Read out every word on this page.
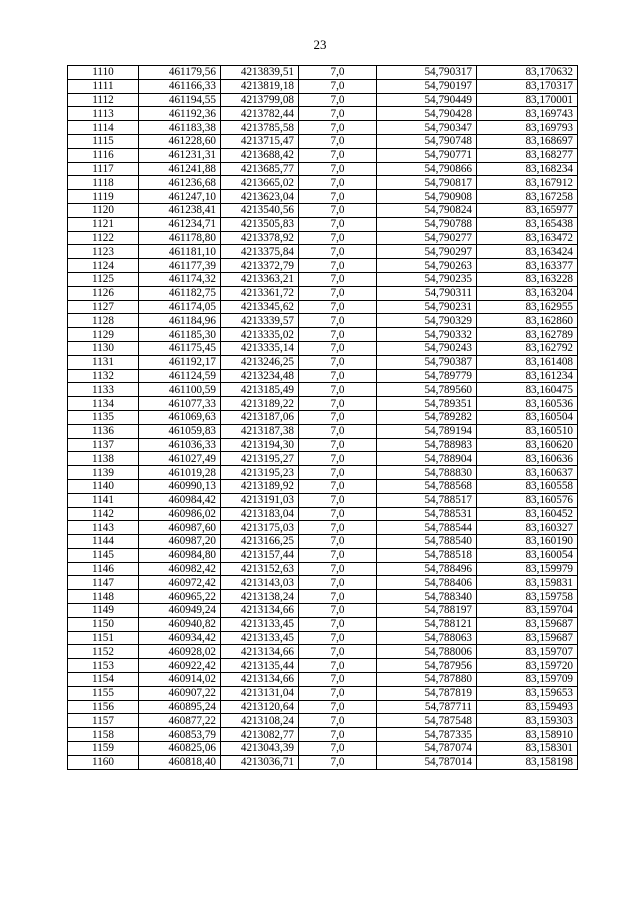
23
1110	461179,56	4213839,51	7,0	54,790317	83,170632
1111	461166,33	4213819,18	7,0	54,790197	83,170317
1112	461194,55	4213799,08	7,0	54,790449	83,170001
1113	461192,36	4213782,44	7,0	54,790428	83,169743
1114	461183,38	4213785,58	7,0	54,790347	83,169793
1115	461228,60	4213715,47	7,0	54,790748	83,168697
1116	461231,31	4213688,42	7,0	54,790771	83,168277
1117	461241,88	4213685,77	7,0	54,790866	83,168234
1118	461236,68	4213665,02	7,0	54,790817	83,167912
1119	461247,10	4213623,04	7,0	54,790908	83,167258
1120	461238,41	4213540,56	7,0	54,790824	83,165977
1121	461234,71	4213505,83	7,0	54,790788	83,165438
1122	461178,80	4213378,92	7,0	54,790277	83,163472
1123	461181,10	4213375,84	7,0	54,790297	83,163424
1124	461177,39	4213372,79	7,0	54,790263	83,163377
1125	461174,32	4213363,21	7,0	54,790235	83,163228
1126	461182,75	4213361,72	7,0	54,790311	83,163204
1127	461174,05	4213345,62	7,0	54,790231	83,162955
1128	461184,96	4213339,57	7,0	54,790329	83,162860
1129	461185,30	4213335,02	7,0	54,790332	83,162789
1130	461175,45	4213335,14	7,0	54,790243	83,162792
1131	461192,17	4213246,25	7,0	54,790387	83,161408
1132	461124,59	4213234,48	7,0	54,789779	83,161234
1133	461100,59	4213185,49	7,0	54,789560	83,160475
1134	461077,33	4213189,22	7,0	54,789351	83,160536
1135	461069,63	4213187,06	7,0	54,789282	83,160504
1136	461059,83	4213187,38	7,0	54,789194	83,160510
1137	461036,33	4213194,30	7,0	54,788983	83,160620
1138	461027,49	4213195,27	7,0	54,788904	83,160636
1139	461019,28	4213195,23	7,0	54,788830	83,160637
1140	460990,13	4213189,92	7,0	54,788568	83,160558
1141	460984,42	4213191,03	7,0	54,788517	83,160576
1142	460986,02	4213183,04	7,0	54,788531	83,160452
1143	460987,60	4213175,03	7,0	54,788544	83,160327
1144	460987,20	4213166,25	7,0	54,788540	83,160190
1145	460984,80	4213157,44	7,0	54,788518	83,160054
1146	460982,42	4213152,63	7,0	54,788496	83,159979
1147	460972,42	4213143,03	7,0	54,788406	83,159831
1148	460965,22	4213138,24	7,0	54,788340	83,159758
1149	460949,24	4213134,66	7,0	54,788197	83,159704
1150	460940,82	4213133,45	7,0	54,788121	83,159687
1151	460934,42	4213133,45	7,0	54,788063	83,159687
1152	460928,02	4213134,66	7,0	54,788006	83,159707
1153	460922,42	4213135,44	7,0	54,787956	83,159720
1154	460914,02	4213134,66	7,0	54,787880	83,159709
1155	460907,22	4213131,04	7,0	54,787819	83,159653
1156	460895,24	4213120,64	7,0	54,787711	83,159493
1157	460877,22	4213108,24	7,0	54,787548	83,159303
1158	460853,79	4213082,77	7,0	54,787335	83,158910
1159	460825,06	4213043,39	7,0	54,787074	83,158301
1160	460818,40	4213036,71	7,0	54,787014	83,158198
